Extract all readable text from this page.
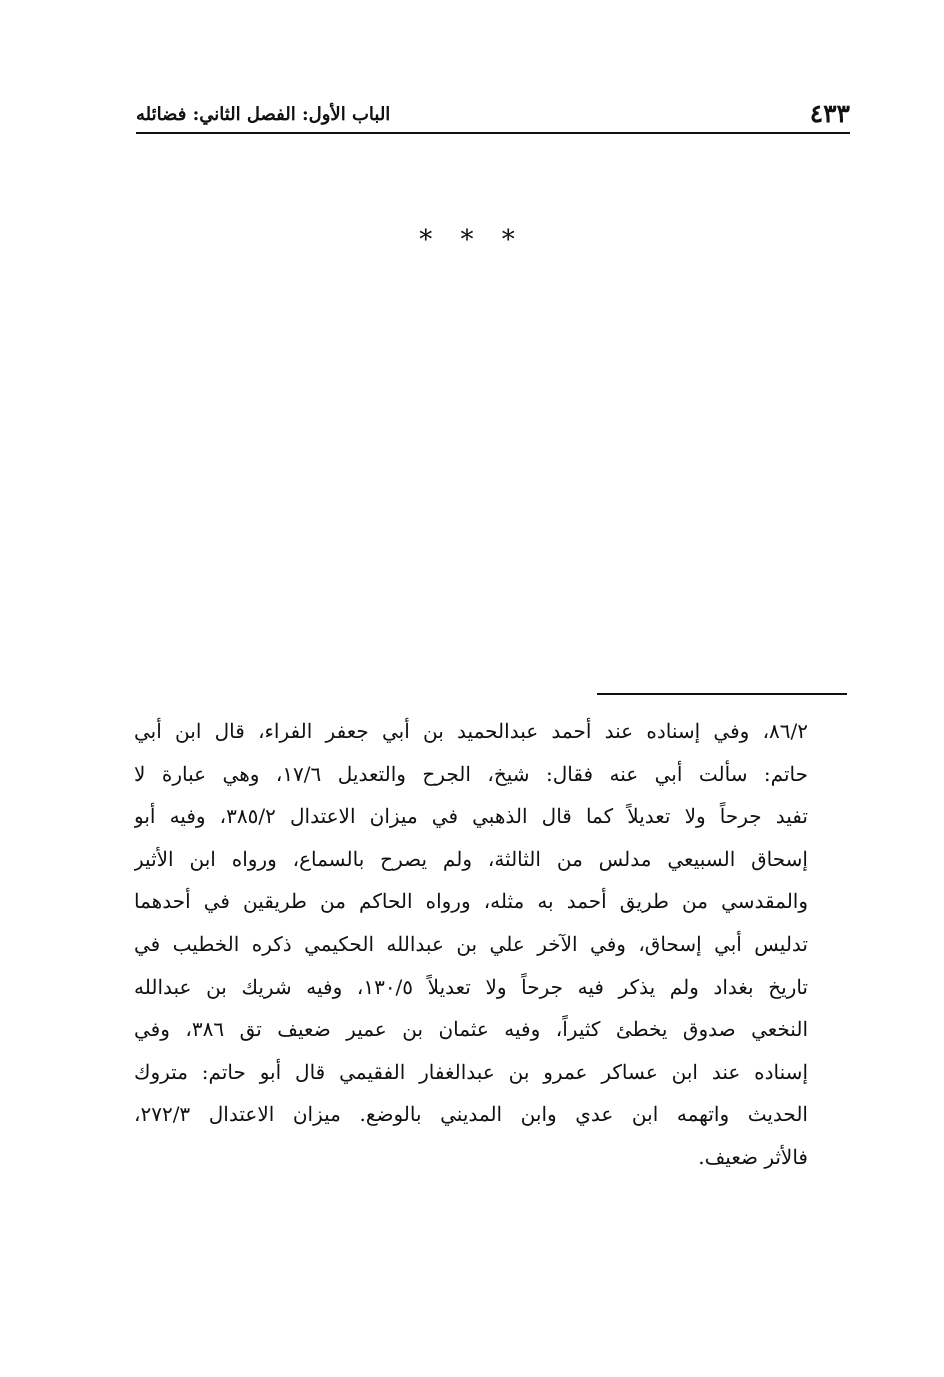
٤٣٣
الباب الأول: الفصل الثاني: فضائله
* * *
٨٦/٢، وفي إسناده عند أحمد عبدالحميد بن أبي جعفر الفراء، قال ابن أبي
حاتم: سألت أبي عنه فقال: شيخ، الجرح والتعديل ١٧/٦، وهي عبارة لا
تفيد جرحاً ولا تعديلاً كما قال الذهبي في ميزان الاعتدال ٣٨٥/٢، وفيه أبو
إسحاق السبيعي مدلس من الثالثة، ولم يصرح بالسماع، ورواه ابن الأثير
والمقدسي من طريق أحمد به مثله، ورواه الحاكم من طريقين في أحدهما
تدليس أبي إسحاق، وفي الآخر علي بن عبدالله الحكيمي ذكره الخطيب في
تاريخ بغداد ولم يذكر فيه جرحاً ولا تعديلاً ١٣٠/٥، وفيه شريك بن عبدالله
النخعي صدوق يخطئ كثيراً، وفيه عثمان بن عمير ضعيف تق ٣٨٦، وفي
إسناده عند ابن عساكر عمرو بن عبدالغفار الفقيمي قال أبو حاتم: متروك
الحديث واتهمه ابن عدي وابن المديني بالوضع. ميزان الاعتدال ٢٧٢/٣،
فالأثر ضعيف.
